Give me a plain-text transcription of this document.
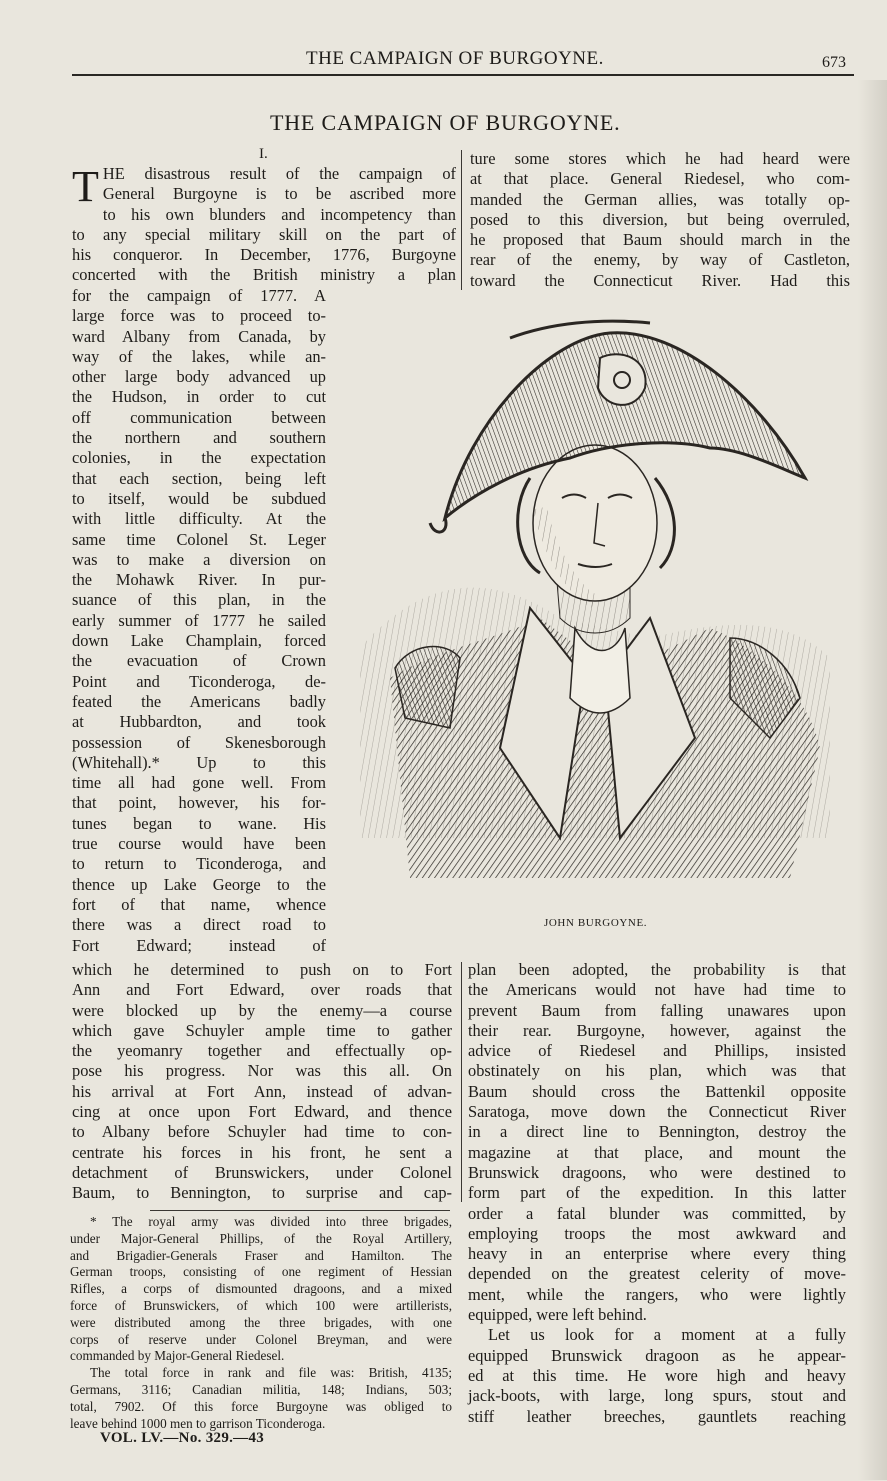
THE CAMPAIGN OF BURGOYNE.	673
THE CAMPAIGN OF BURGOYNE.
I.
T HE disastrous result of the campaign of
General Burgoyne is to be ascribed more
to his own blunders and incompetency than
to any special military skill on the part of
his conqueror. In December, 1776, Burgoyne
concerted with the British ministry a plan
for the campaign of 1777. A
large force was to proceed to-
ward Albany from Canada, by
way of the lakes, while an-
other large body advanced up
the Hudson, in order to cut
off communication between
the northern and southern
colonies, in the expectation
that each section, being left
to itself, would be subdued
with little difficulty. At the
same time Colonel St. Leger
was to make a diversion on
the Mohawk River. In pur-
suance of this plan, in the
early summer of 1777 he sailed
down Lake Champlain, forced
the evacuation of Crown
Point and Ticonderoga, de-
feated the Americans badly
at Hubbardton, and took
possession of Skenesborough
(Whitehall).* Up to this
time all had gone well. From
that point, however, his for-
tunes began to wane. His
true course would have been
to return to Ticonderoga, and
thence up Lake George to the
fort of that name, whence
there was a direct road to
Fort Edward; instead of
which he determined to push on to Fort
Ann and Fort Edward, over roads that
were blocked up by the enemy—a course
which gave Schuyler ample time to gather
the yeomanry together and effectually op-
pose his progress. Nor was this all. On
his arrival at Fort Ann, instead of advan-
cing at once upon Fort Edward, and thence
to Albany before Schuyler had time to con-
centrate his forces in his front, he sent a
detachment of Brunswickers, under Colonel
Baum, to Bennington, to surprise and cap-
ture some stores which he had heard were
at that place. General Riedesel, who com-
manded the German allies, was totally op-
posed to this diversion, but being overruled,
he proposed that Baum should march in the
rear of the enemy, by way of Castleton,
toward the Connecticut River. Had this
plan been adopted, the probability is that
the Americans would not have had time to
prevent Baum from falling unawares upon
their rear. Burgoyne, however, against the
advice of Riedesel and Phillips, insisted
obstinately on his plan, which was that
Baum should cross the Battenkil opposite
Saratoga, move down the Connecticut River
in a direct line to Bennington, destroy the
magazine at that place, and mount the
Brunswick dragoons, who were destined to
form part of the expedition. In this latter
order a fatal blunder was committed, by
employing troops the most awkward and
heavy in an enterprise where every thing
depended on the greatest celerity of move-
ment, while the rangers, who were lightly
equipped, were left behind.
Let us look for a moment at a fully
equipped Brunswick dragoon as he appear-
ed at this time. He wore high and heavy
jack-boots, with large, long spurs, stout and
stiff leather breeches, gauntlets reaching
JOHN BURGOYNE.
* The royal army was divided into three brigades,
under Major-General Phillips, of the Royal Artillery,
and Brigadier-Generals Fraser and Hamilton. The
German troops, consisting of one regiment of Hessian
Rifles, a corps of dismounted dragoons, and a mixed
force of Brunswickers, of which 100 were artillerists,
were distributed among the three brigades, with one
corps of reserve under Colonel Breyman, and were
commanded by Major-General Riedesel.
The total force in rank and file was: British, 4135;
Germans, 3116; Canadian militia, 148; Indians, 503;
total, 7902. Of this force Burgoyne was obliged to
leave behind 1000 men to garrison Ticonderoga.
VOL. LV.—No. 329.—43
